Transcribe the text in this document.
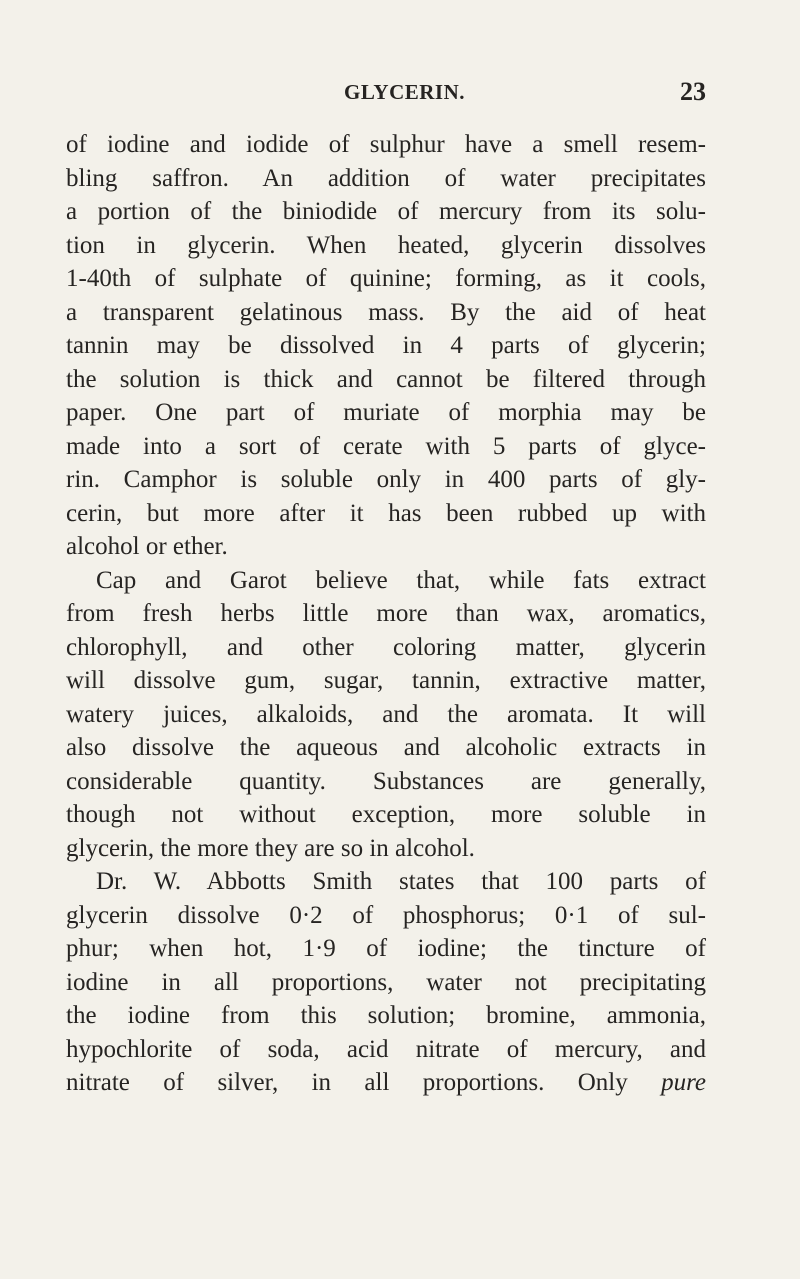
GLYCERIN.	23
of iodine and iodide of sulphur have a smell resem-
bling saffron. An addition of water precipitates
a portion of the biniodide of mercury from its solu-
tion in glycerin. When heated, glycerin dissolves
1-40th of sulphate of quinine; forming, as it cools,
a transparent gelatinous mass. By the aid of heat
tannin may be dissolved in 4 parts of glycerin;
the solution is thick and cannot be filtered through
paper. One part of muriate of morphia may be
made into a sort of cerate with 5 parts of glyce-
rin. Camphor is soluble only in 400 parts of gly-
cerin, but more after it has been rubbed up with
alcohol or ether.
Cap and Garot believe that, while fats extract
from fresh herbs little more than wax, aromatics,
chlorophyll, and other coloring matter, glycerin
will dissolve gum, sugar, tannin, extractive matter,
watery juices, alkaloids, and the aromata. It will
also dissolve the aqueous and alcoholic extracts in
considerable quantity. Substances are generally,
though not without exception, more soluble in
glycerin, the more they are so in alcohol.
Dr. W. Abbotts Smith states that 100 parts of
glycerin dissolve 0·2 of phosphorus; 0·1 of sul-
phur; when hot, 1·9 of iodine; the tincture of
iodine in all proportions, water not precipitating
the iodine from this solution; bromine, ammonia,
hypochlorite of soda, acid nitrate of mercury, and
nitrate of silver, in all proportions. Only pure
